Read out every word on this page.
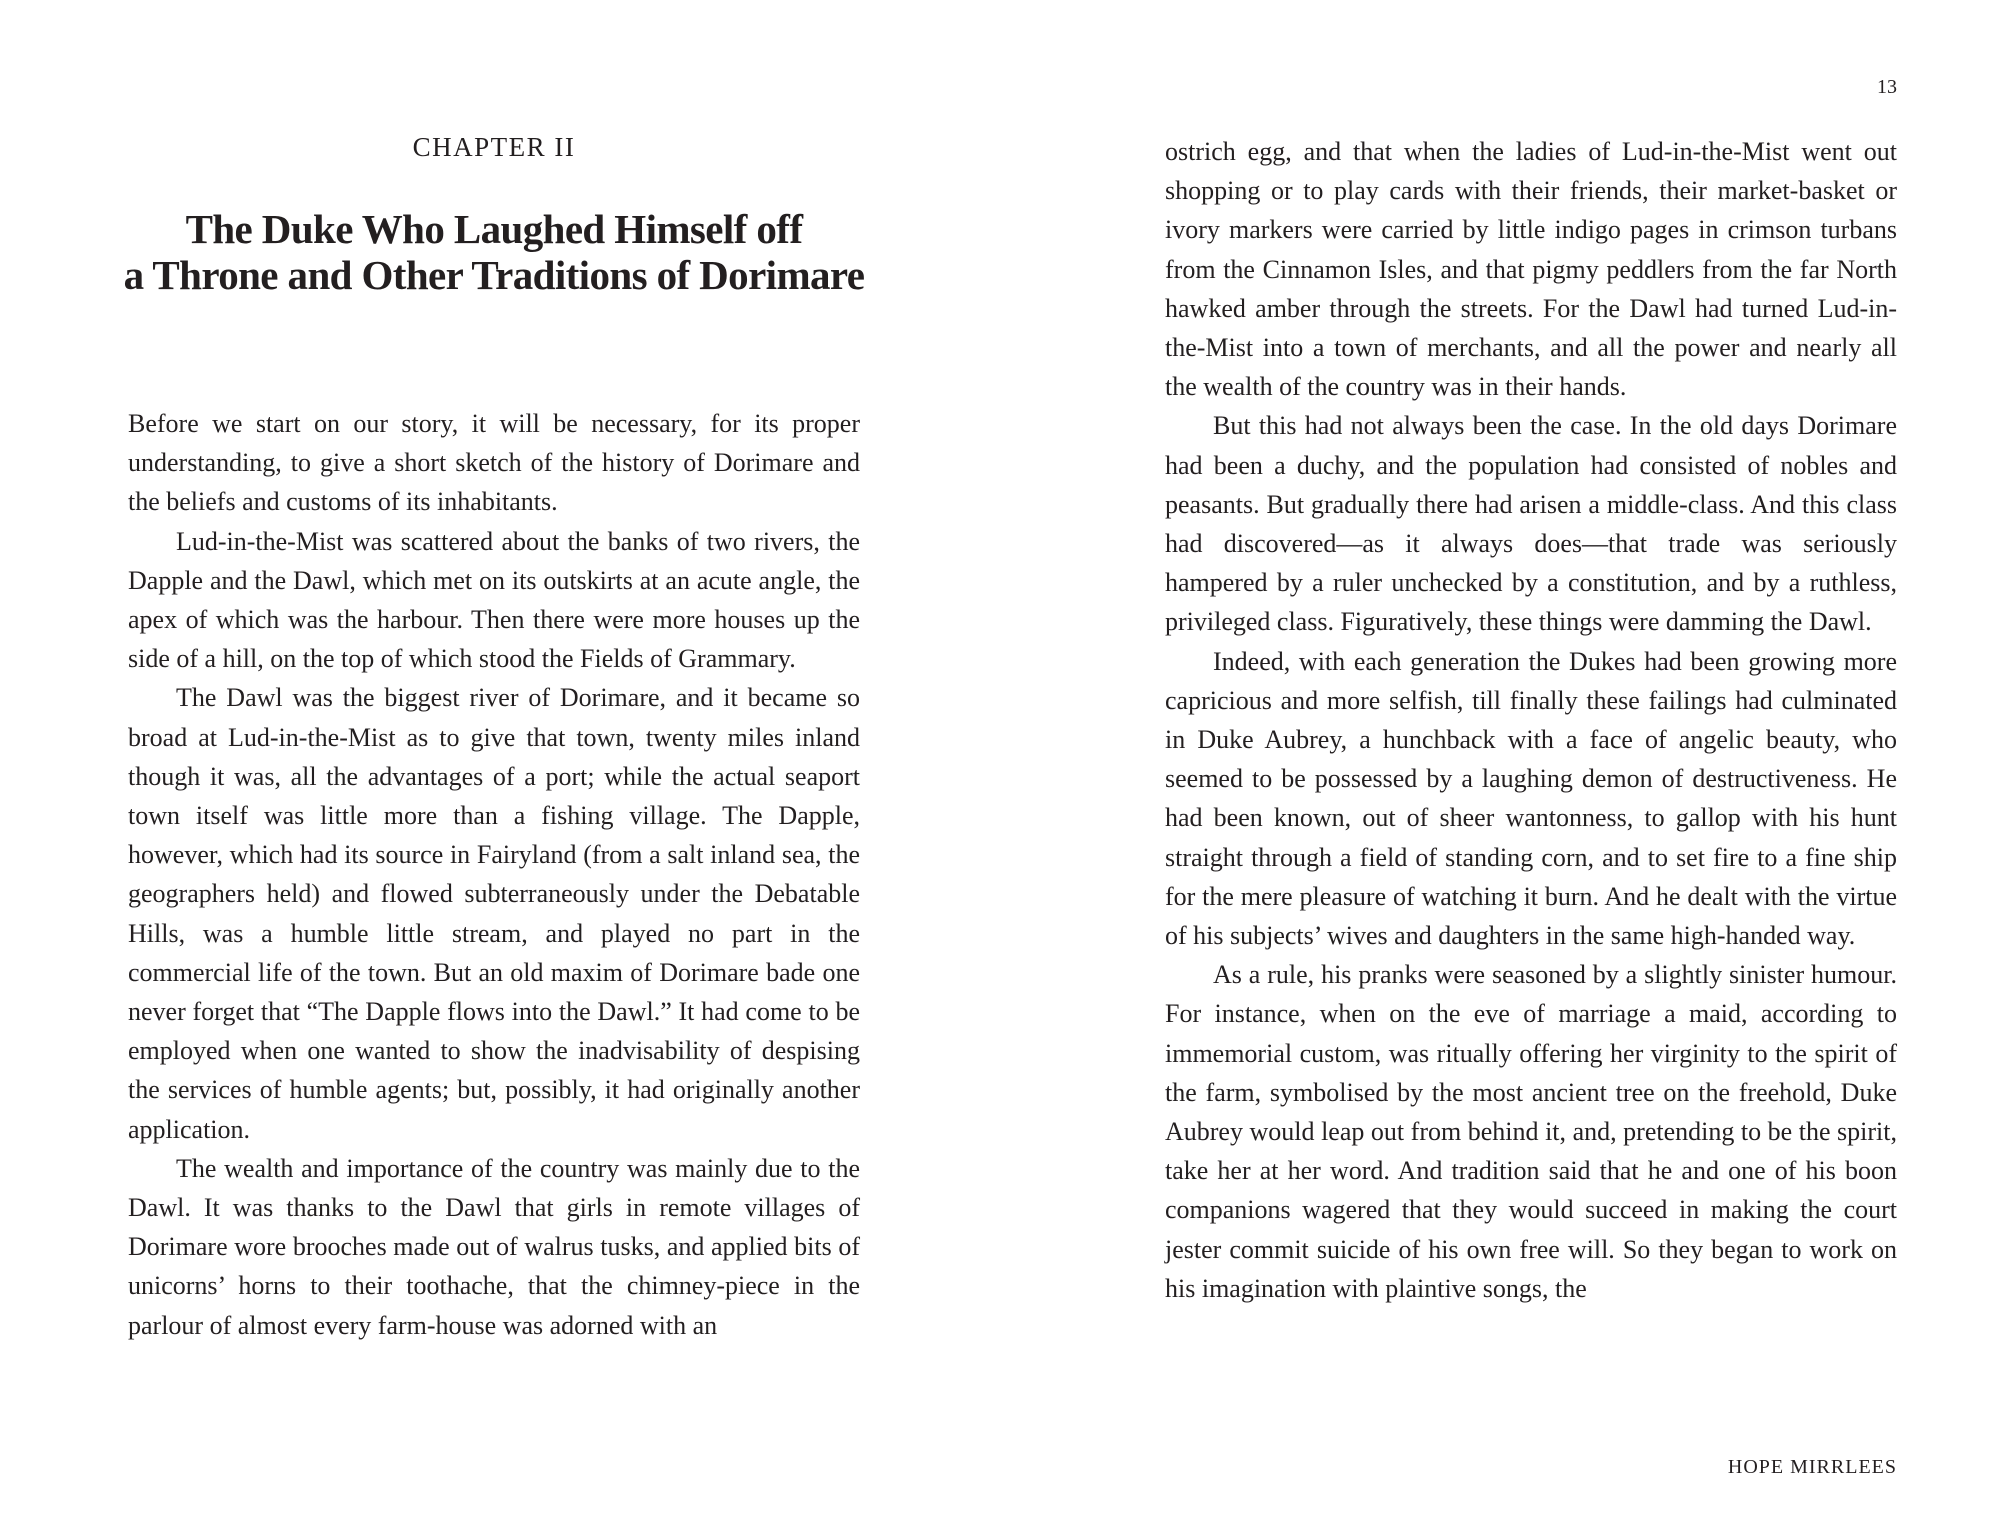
CHAPTER II
The Duke Who Laughed Himself off
a Throne and Other Traditions of Dorimare

Before we start on our story, it will be necessary, for its proper understanding, to give a short sketch of the history of Dorimare and the beliefs and customs of its inhabitants.

Lud-in-the-Mist was scattered about the banks of two rivers, the Dapple and the Dawl, which met on its outskirts at an acute angle, the apex of which was the harbour. Then there were more houses up the side of a hill, on the top of which stood the Fields of Grammary.

The Dawl was the biggest river of Dorimare, and it became so broad at Lud-in-the-Mist as to give that town, twenty miles inland though it was, all the advantages of a port; while the actual seaport town itself was little more than a fishing village. The Dapple, however, which had its source in Fairyland (from a salt inland sea, the geographers held) and flowed subterraneously under the Debatable Hills, was a humble little stream, and played no part in the commercial life of the town. But an old maxim of Dorimare bade one never forget that “The Dapple flows into the Dawl.” It had come to be employed when one wanted to show the inadvisability of despising the services of humble agents; but, possibly, it had originally another application.

The wealth and importance of the country was mainly due to the Dawl. It was thanks to the Dawl that girls in remote villages of Dorimare wore brooches made out of walrus tusks, and applied bits of unicorns’ horns to their toothache, that the chimney-piece in the parlour of almost every farm-house was adorned with an

13

ostrich egg, and that when the ladies of Lud-in-the-Mist went out shopping or to play cards with their friends, their market-basket or ivory markers were carried by little indigo pages in crimson turbans from the Cinnamon Isles, and that pigmy peddlers from the far North hawked amber through the streets. For the Dawl had turned Lud-in-the-Mist into a town of merchants, and all the power and nearly all the wealth of the country was in their hands.

But this had not always been the case. In the old days Dorimare had been a duchy, and the population had consisted of nobles and peasants. But gradually there had arisen a middle-class. And this class had discovered—as it always does—that trade was seriously hampered by a ruler unchecked by a constitution, and by a ruthless, privileged class. Figuratively, these things were damming the Dawl.

Indeed, with each generation the Dukes had been growing more capricious and more selfish, till finally these failings had culminated in Duke Aubrey, a hunchback with a face of angelic beauty, who seemed to be possessed by a laughing demon of destructiveness. He had been known, out of sheer wantonness, to gallop with his hunt straight through a field of standing corn, and to set fire to a fine ship for the mere pleasure of watching it burn. And he dealt with the virtue of his subjects’ wives and daughters in the same high-handed way.

As a rule, his pranks were seasoned by a slightly sinister humour. For instance, when on the eve of marriage a maid, according to immemorial custom, was ritually offering her virginity to the spirit of the farm, symbolised by the most ancient tree on the freehold, Duke Aubrey would leap out from behind it, and, pretending to be the spirit, take her at her word. And tradition said that he and one of his boon companions wagered that they would succeed in making the court jester commit suicide of his own free will. So they began to work on his imagination with plaintive songs, the

HOPE MIRRLEES
